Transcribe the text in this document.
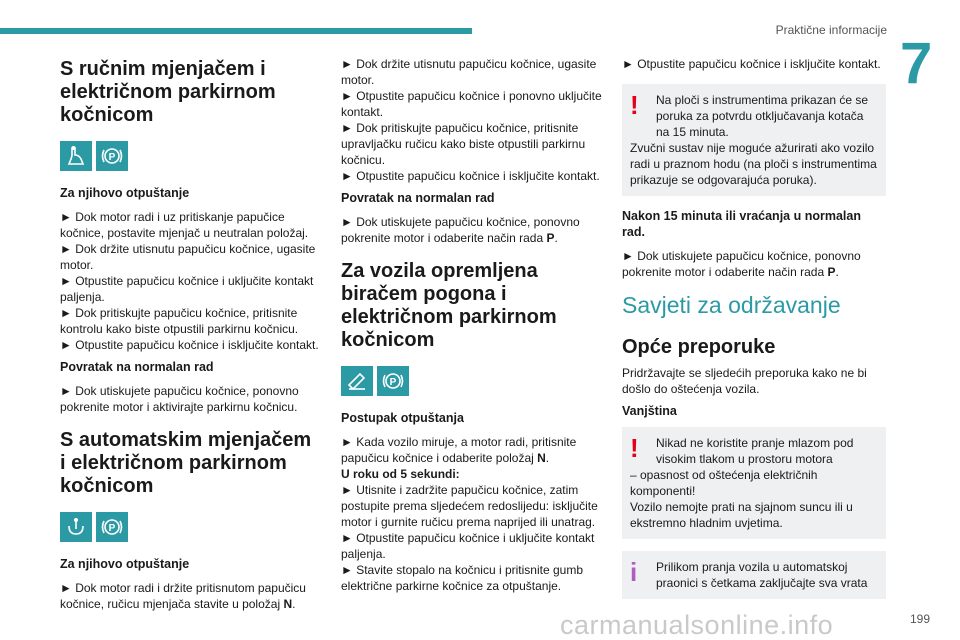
Praktične informacije
7
S ručnim mjenjačem i električnom parkirnom kočnicom
P
Za njihovo otpuštanje
► Dok motor radi i uz pritiskanje papučice kočnice, postavite mjenjač u neutralan položaj.
► Dok držite utisnutu papučicu kočnice, ugasite motor.
► Otpustite papučicu kočnice i uključite kontakt paljenja.
► Dok pritiskujte papučicu kočnice, pritisnite kontrolu kako biste otpustili parkirnu kočnicu.
► Otpustite papučicu kočnice i isključite kontakt.
Povratak na normalan rad
► Dok utiskujete papučicu kočnice, ponovno pokrenite motor i aktivirajte parkirnu kočnicu.
S automatskim mjenjačem i električnom parkirnom kočnicom
P
Za njihovo otpuštanje
► Dok motor radi i držite pritisnutom papučicu kočnice, ručicu mjenjača stavite u položaj N.
► Dok držite utisnutu papučicu kočnice, ugasite motor.
► Otpustite papučicu kočnice i ponovno uključite kontakt.
► Dok pritiskujte papučicu kočnice, pritisnite upravljačku ručicu kako biste otpustili parkirnu kočnicu.
► Otpustite papučicu kočnice i isključite kontakt.
Povratak na normalan rad
► Dok utiskujete papučicu kočnice, ponovno pokrenite motor i odaberite način rada P.
Za vozila opremljena biračem pogona i električnom parkirnom kočnicom
P
Postupak otpuštanja
► Kada vozilo miruje, a motor radi, pritisnite papučicu kočnice i odaberite položaj N.
U roku od 5 sekundi:
► Utisnite i zadržite papučicu kočnice, zatim postupite prema sljedećem redoslijedu: isključite motor i gurnite ručicu prema naprijed ili unatrag.
► Otpustite papučicu kočnice i uključite kontakt paljenja.
► Stavite stopalo na kočnicu i pritisnite gumb električne parkirne kočnice za otpuštanje.
► Otpustite papučicu kočnice i isključite kontakt.
!	Na ploči s instrumentima prikazan će se poruka za potvrdu otključavanja kotača na 15 minuta.
Zvučni sustav nije moguće ažurirati ako vozilo radi u praznom hodu (na ploči s instrumentima prikazuje se odgovarajuća poruka).
Nakon 15 minuta ili vraćanja u normalan rad.
► Dok utiskujete papučicu kočnice, ponovno pokrenite motor i odaberite način rada P.
Savjeti za održavanje
Opće preporuke
Pridržavajte se sljedećih preporuka kako ne bi došlo do oštećenja vozila.
Vanjština
!	Nikad ne koristite pranje mlazom pod visokim tlakom u prostoru motora
– opasnost od oštećenja električnih komponenti!
Vozilo nemojte prati na sjajnom suncu ili u ekstremno hladnim uvjetima.
i	Prilikom pranja vozila u automatskoj praonici s četkama zaključajte sva vrata
carmanualsonline.info	199
